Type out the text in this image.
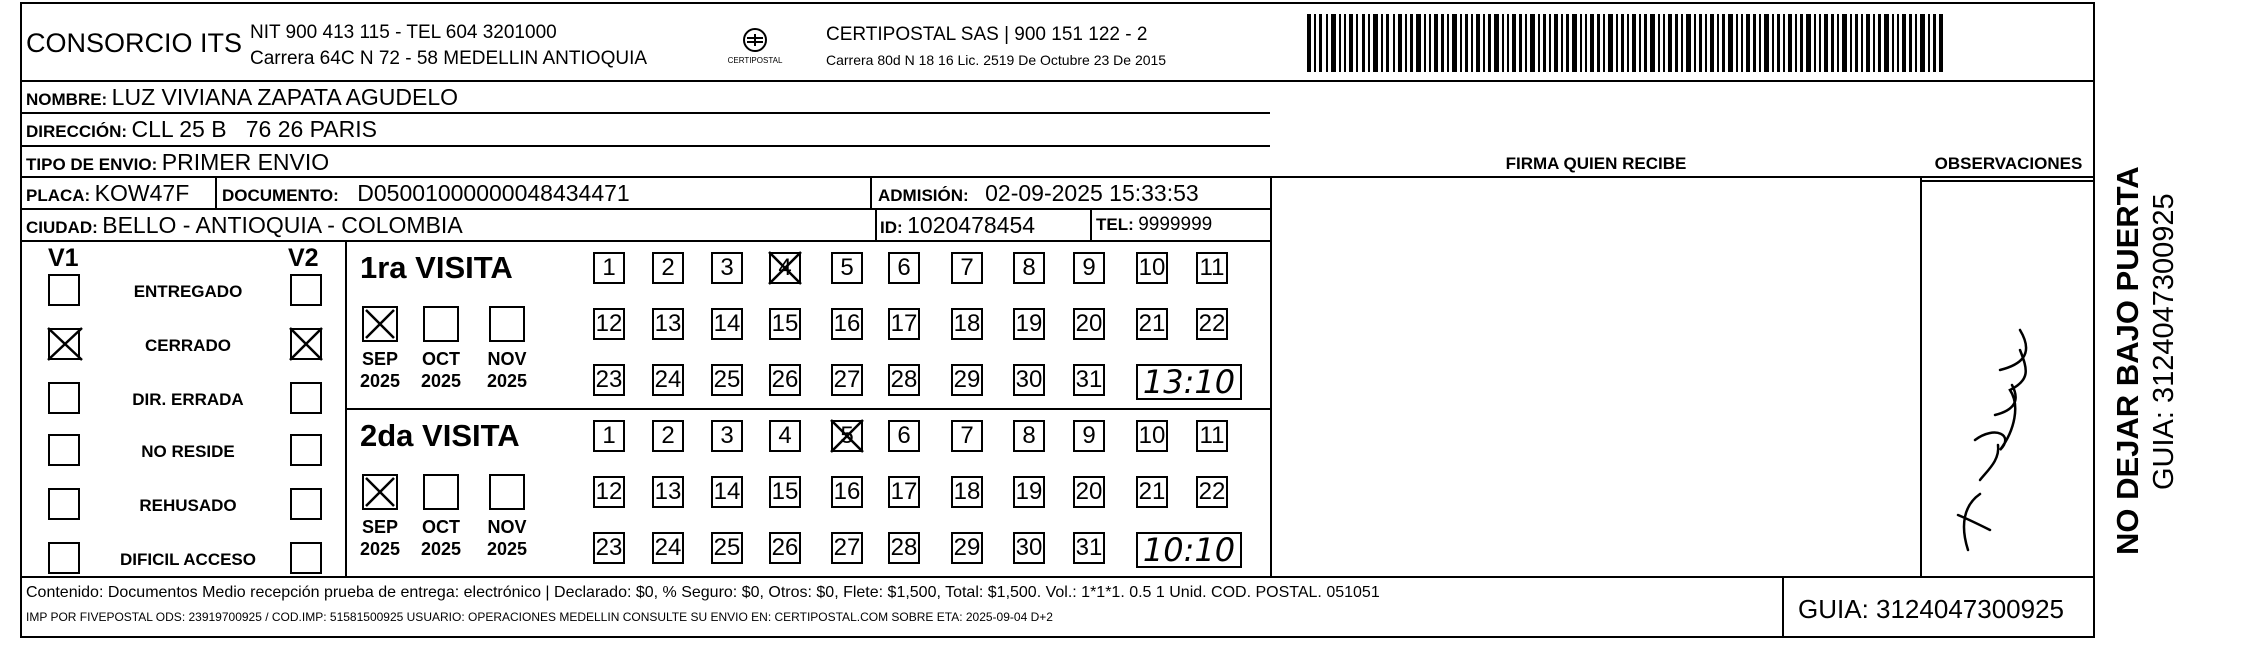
CONSORCIO ITS NIT 900 413 115 - TEL 604 3201000
Carrera 64C N 72 - 58 MEDELLIN ANTIOQUIA	CERTIPOSTAL
CERTIPOSTAL SAS | 900 151 122 - 2
Carrera 80d N 18 16 Lic. 2519 De Octubre 23 De 2015
NOMBRE: LUZ VIVIANA ZAPATA AGUDELO
DIRECCIÓN: CLL 25 B   76 26 PARIS
TIPO DE ENVIO: PRIMER ENVIO
PLACA: KOW47F DOCUMENTO: D05001000000048434471	ADMISIÓN: 02-09-2025 15:33:53
CIUDAD: BELLO - ANTIOQUIA - COLOMBIA	ID: 1020478454	TEL: 9999999
FIRMA QUIEN RECIBE	OBSERVACIONES
V1	V2
ENTREGADO
CERRADO
DIR. ERRADA
NO RESIDE
REHUSADO
DIFICIL ACCESO
1ra VISITA
SEP
2025
OCT
2025
NOV
2025
1	2	3	4	5	6	7	8	9	10 11
12 13 14 15 16 17 18 19 20 21 22
23 24 25 26 27 28 29 30 31 13:10
2da VISITA
SEP
2025
OCT
2025
NOV
2025
1	2	3	4	5	6	7	8	9	10 11
12 13 14 15 16 17 18 19 20 21 22
23 24 25 26 27 28 29 30 31 10:10
Contenido: Documentos Medio recepción prueba de entrega: electrónico | Declarado: $0, % Seguro: $0, Otros: $0, Flete: $1,500, Total: $1,500. Vol.: 1*1*1. 0.5 1 Unid. COD. POSTAL. 051051
IMP POR FIVEPOSTAL ODS: 23919700925 / COD.IMP: 51581500925 USUARIO: OPERACIONES MEDELLIN CONSULTE SU ENVIO EN: CERTIPOSTAL.COM SOBRE ETA: 2025-09-04 D+2	GUIA: 3124047300925
NO DEJAR BAJO PUERTA GUIA: 3124047300925
